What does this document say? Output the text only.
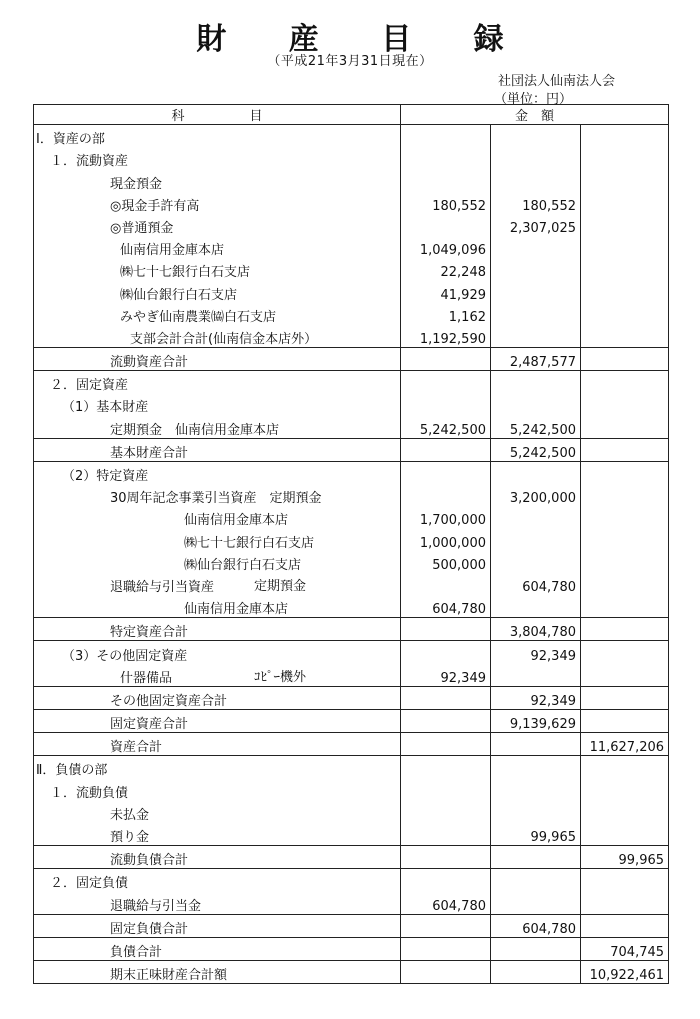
財 産 目 録
（平成21年3月31日現在）
社団法人仙南法人会
（単位：円）
科　　　　　目	金　額		
Ⅰ．資産の部			
１．流動資産			
現金預金			
◎現金手許有高	180,552	180,552	
◎普通預金		2,307,025	
仙南信用金庫本店	1,049,096		
㈱七十七銀行白石支店	22,248		
㈱仙台銀行白石支店	41,929		
みやぎ仙南農業㈿白石支店	1,162		
支部会計合計(仙南信金本店外）	1,192,590		
流動資産合計		2,487,577	
２．固定資産			
（1）基本財産			
定期預金　仙南信用金庫本店	5,242,500	5,242,500	
基本財産合計		5,242,500	
（2）特定資産			
30周年記念事業引当資産　定期預金		3,200,000	
仙南信用金庫本店	1,700,000		
㈱七十七銀行白石支店	1,000,000		
㈱仙台銀行白石支店	500,000		
退職給与引当資産 定期預金		604,780	
仙南信用金庫本店	604,780		
特定資産合計		3,804,780	
（3）その他固定資産		92,349	
什器備品 ｺﾋﾟｰ機外	92,349		
その他固定資産合計		92,349	
固定資産合計		9,139,629	
資産合計			11,627,206
Ⅱ．負債の部			
１．流動負債			
未払金			
預り金		99,965	
流動負債合計			99,965
２．固定負債			
退職給与引当金	604,780		
固定負債合計		604,780	
負債合計			704,745
期末正味財産合計額			10,922,461
